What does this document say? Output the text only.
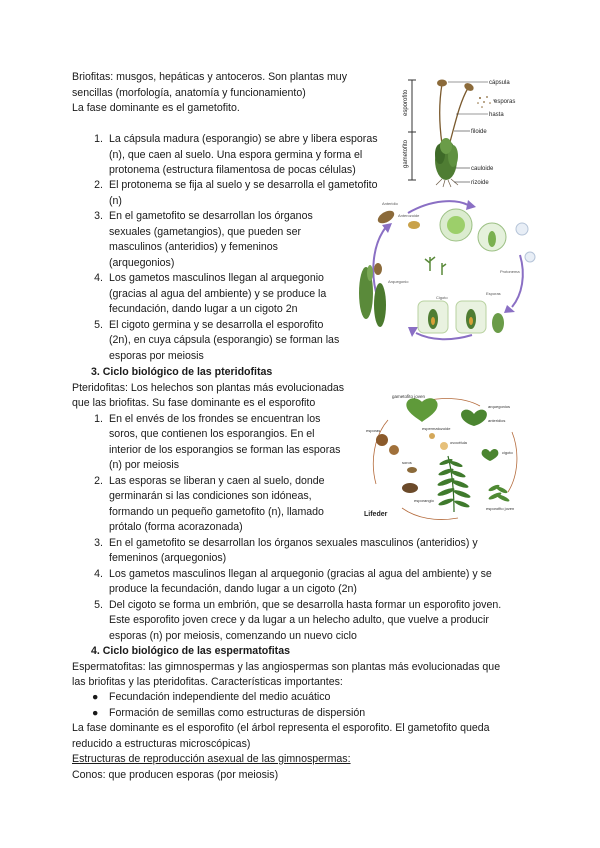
Briofitas: musgos, hepáticas y antoceros. Son plantas muy
sencillas (morfología, anatomía y funcionamiento)
La fase dominante es el gametofito.
1. La cápsula madura (esporangio) se abre y libera esporas
(n), que caen al suelo. Una espora germina y forma el
protonema (estructura filamentosa de pocas células)
2. El protonema se fija al suelo y se desarrolla el gametofito
(n)
3. En el gametofito se desarrollan los órganos
sexuales (gametangios), que pueden ser
masculinos (anteridios) y femeninos
(arquegonios)
4. Los gametos masculinos llegan al arquegonio
(gracias al agua del ambiente) y se produce la
fecundación, dando lugar a un cigoto 2n
5. El cigoto germina y se desarrolla el esporofito
(2n), en cuya cápsula (esporangio) se forman las
esporas por meiosis
esporofito
gametofito
cápsula
esporas
hasta
filoide
cauloide
rizoide
Anteridio
Anterozoide
Arquegonio
Cigoto
Esporas
Protonema
3. Ciclo biológico de las pteridofitas
Pteridofitas: Los helechos son plantas más evolucionadas
que las briofitas. Su fase dominante es el esporofito
1. En el envés de los frondes se encuentran los
soros, que contienen los esporangios. En el
interior de los esporangios se forman las esporas
(n) por meiosis
2. Las esporas se liberan y caen al suelo, donde
germinarán si las condiciones son idóneas,
formando un pequeño gametofito (n), llamado
prótalo (forma acorazonada)
3. En el gametofito se desarrollan los órganos sexuales masculinos (anteridios) y
femeninos (arquegonios)
4. Los gametos masculinos llegan al arquegonio (gracias al agua del ambiente) y se
produce la fecundación, dando lugar a un cigoto (2n)
5. Del cigoto se forma un embrión, que se desarrolla hasta formar un esporofito joven.
Este esporofito joven crece y da lugar a un helecho adulto, que vuelve a producir
esporas (n) por meiosis, comenzando un nuevo ciclo
gametofito joven
arquegonios
anteridios
esporas	espermatozoide
ovocélula
cigoto
esporofito joven
soros
esporangio
Lifeder
4. Ciclo biológico de las espermatofitas
Espermatofitas: las gimnospermas y las angiospermas son plantas más evolucionadas que
las briofitas y las pteridofitas. Características importantes:
● Fecundación independiente del medio acuático
● Formación de semillas como estructuras de dispersión
La fase dominante es el esporofito (el árbol representa el esporofito. El gametofito queda
reducido a estructuras microscópicas)
Estructuras de reproducción asexual de las gimnospermas:
Conos: que producen esporas (por meiosis)
